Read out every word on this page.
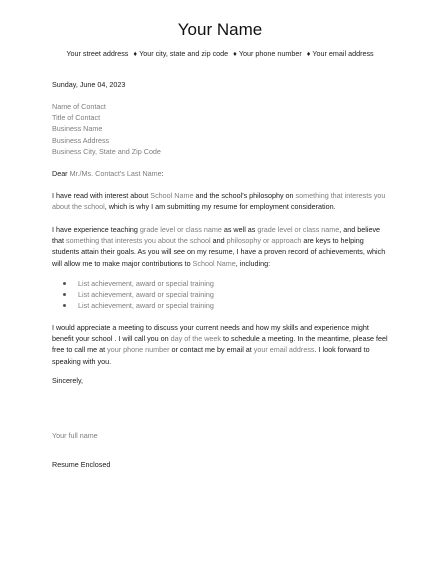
Your Name
Your street address ♦ Your city, state and zip code ♦ Your phone number ♦ Your email address
Sunday, June 04, 2023
Name of Contact
Title of Contact
Business Name
Business Address
Business City, State and Zip Code
Dear Mr./Ms. Contact's Last Name:

I have read with interest about School Name and the school's philosophy on something that interests you about the school, which is why I am submitting my resume for employment consideration.

I have experience teaching grade level or class name as well as grade level or class name, and believe that something that interests you about the school and philosophy or approach are keys to helping students attain their goals. As you will see on my resume, I have a proven record of achievements, which will allow me to make major contributions to School Name, including:

List achievement, award or special training
List achievement, award or special training
List achievement, award or special training

I would appreciate a meeting to discuss your current needs and how my skills and experience might benefit your school . I will call you on day of the week to schedule a meeting. In the meantime, please feel free to call me at your phone number or contact me by email at your email address. I look forward to speaking with you.

Sincerely,
Your full name
Resume Enclosed
